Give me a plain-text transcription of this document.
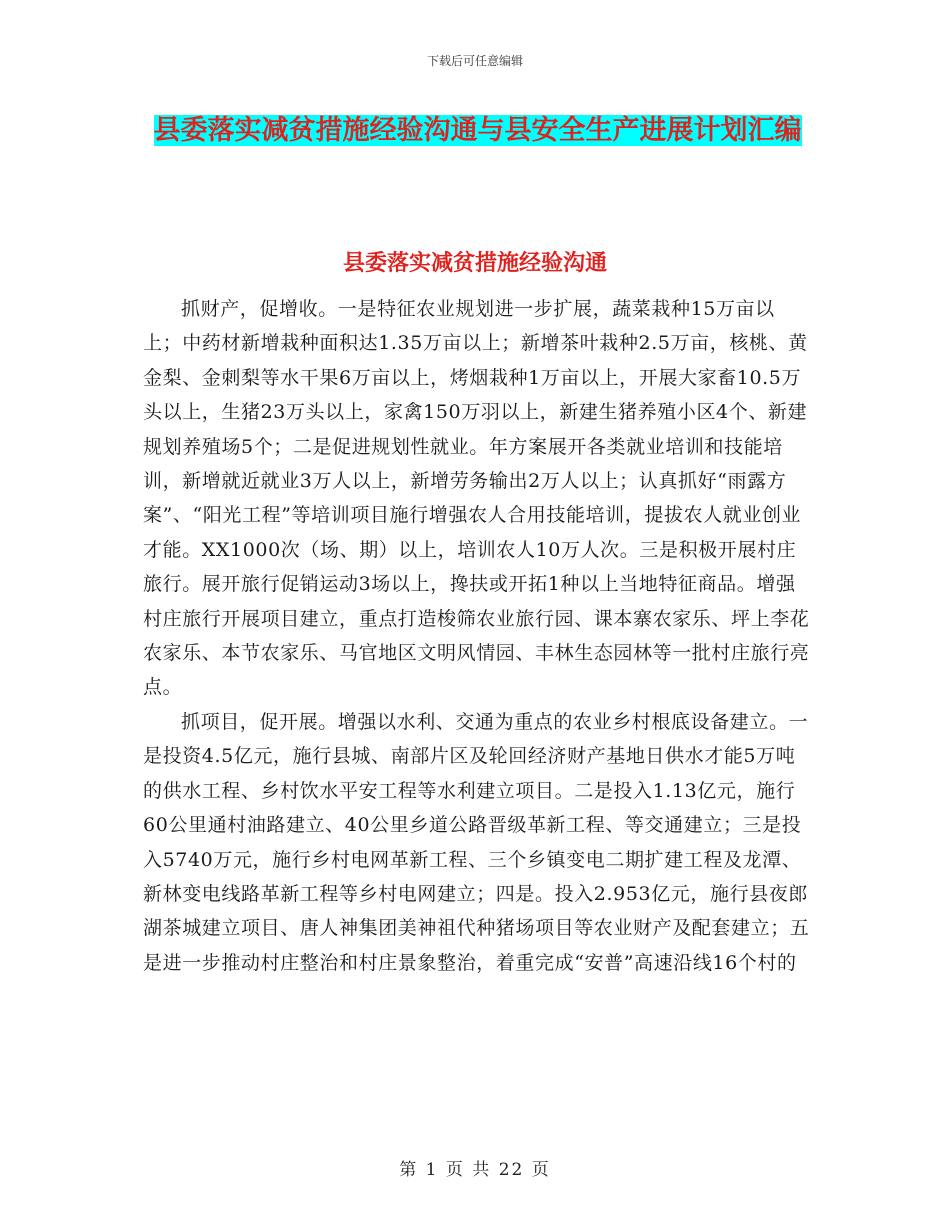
下载后可任意编辑
县委落实减贫措施经验沟通与县安全生产进展计划汇编
县委落实减贫措施经验沟通

抓财产，促增收。一是特征农业规划进一步扩展，蔬菜栽种15万亩以上；中药材新增栽种面积达1.35万亩以上；新增茶叶栽种2.5万亩，核桃、黄金梨、金刺梨等水干果6万亩以上，烤烟栽种1万亩以上，开展大家畜10.5万头以上，生猪23万头以上，家禽150万羽以上，新建生猪养殖小区4个、新建规划养殖场5个；二是促进规划性就业。年方案展开各类就业培训和技能培训，新增就近就业3万人以上，新增劳务输出2万人以上；认真抓好“雨露方案”、“阳光工程”等培训项目施行增强农人合用技能培训，提拔农人就业创业才能。XX1000次（场、期）以上，培训农人10万人次。三是积极开展村庄旅行。展开旅行促销运动3场以上，搀扶或开拓1种以上当地特征商品。增强村庄旅行开展项目建立，重点打造梭筛农业旅行园、课本寨农家乐、坪上李花农家乐、本节农家乐、马官地区文明风情园、丰林生态园林等一批村庄旅行亮点。

抓项目，促开展。增强以水利、交通为重点的农业乡村根底设备建立。一是投资4.5亿元，施行县城、南部片区及轮回经济财产基地日供水才能5万吨的供水工程、乡村饮水平安工程等水利建立项目。二是投入1.13亿元，施行60公里通村油路建立、40公里乡道公路晋级革新工程、等交通建立；三是投入5740万元，施行乡村电网革新工程、三个乡镇变电二期扩建工程及龙潭、新林变电线路革新工程等乡村电网建立；四是。投入2.953亿元，施行县夜郎湖茶城建立项目、唐人神集团美神祖代种猪场项目等农业财产及配套建立；五是进一步推动村庄整治和村庄景象整治，着重完成“安普”高速沿线16个村的

第 1 页 共 22 页
